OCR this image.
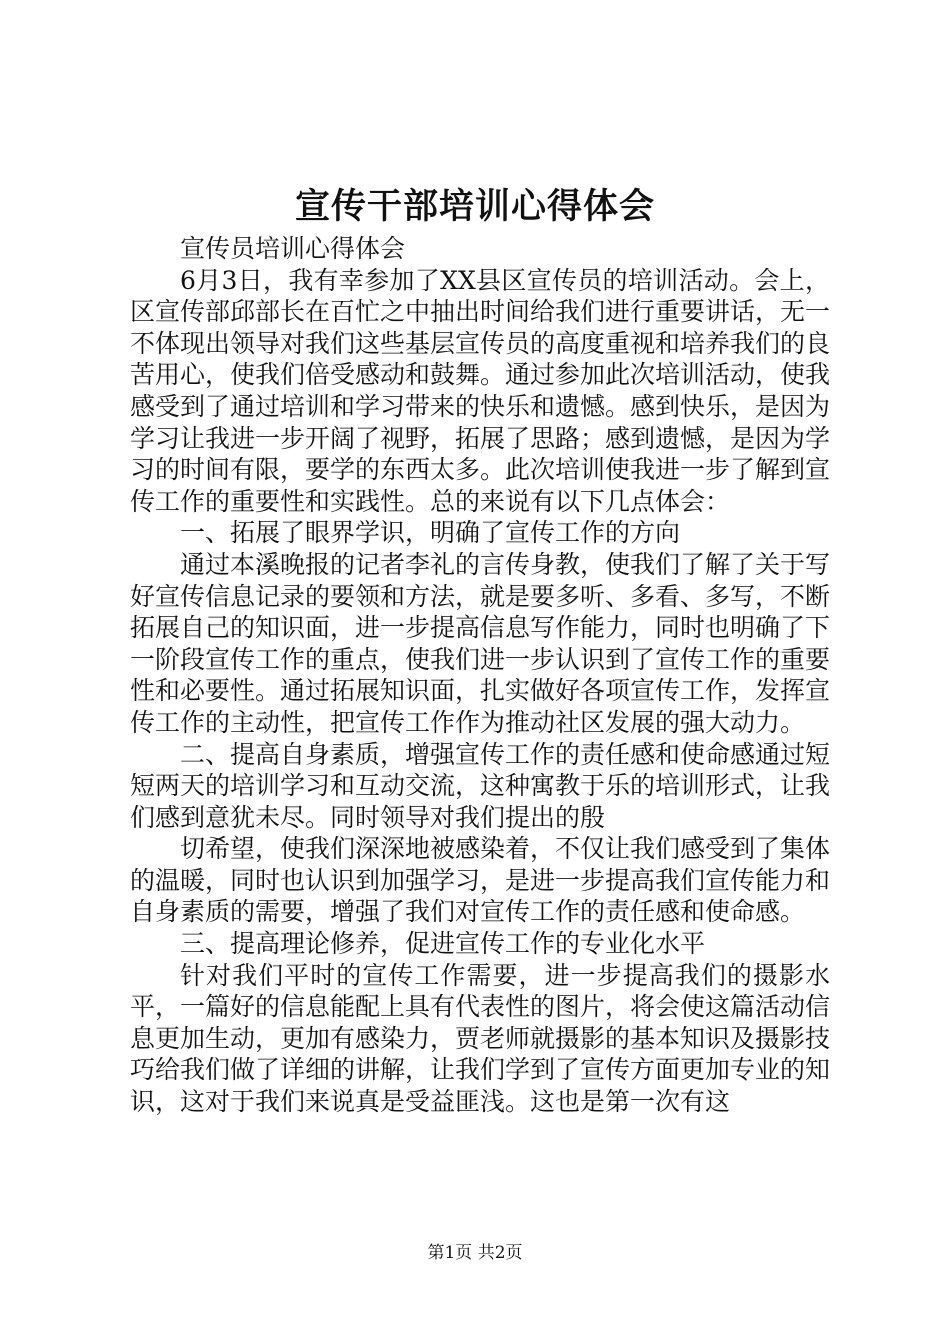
宣传干部培训心得体会

宣传员培训心得体会

6月3日，我有幸参加了XX县区宣传员的培训活动。会上，区宣传部邱部长在百忙之中抽出时间给我们进行重要讲话，无一不体现出领导对我们这些基层宣传员的高度重视和培养我们的良苦用心，使我们倍受感动和鼓舞。通过参加此次培训活动，使我感受到了通过培训和学习带来的快乐和遗憾。感到快乐，是因为学习让我进一步开阔了视野，拓展了思路；感到遗憾，是因为学习的时间有限，要学的东西太多。此次培训使我进一步了解到宣传工作的重要性和实践性。总的来说有以下几点体会：

一、拓展了眼界学识，明确了宣传工作的方向

通过本溪晚报的记者李礼的言传身教，使我们了解了关于写好宣传信息记录的要领和方法，就是要多听、多看、多写，不断拓展自己的知识面，进一步提高信息写作能力，同时也明确了下一阶段宣传工作的重点，使我们进一步认识到了宣传工作的重要性和必要性。通过拓展知识面，扎实做好各项宣传工作，发挥宣传工作的主动性，把宣传工作作为推动社区发展的强大动力。

二、提高自身素质，增强宣传工作的责任感和使命感通过短短两天的培训学习和互动交流，这种寓教于乐的培训形式，让我们感到意犹未尽。同时领导对我们提出的殷

切希望，使我们深深地被感染着，不仅让我们感受到了集体的温暖，同时也认识到加强学习，是进一步提高我们宣传能力和自身素质的需要，增强了我们对宣传工作的责任感和使命感。

三、提高理论修养，促进宣传工作的专业化水平

针对我们平时的宣传工作需要，进一步提高我们的摄影水平，一篇好的信息能配上具有代表性的图片，将会使这篇活动信息更加生动，更加有感染力，贾老师就摄影的基本知识及摄影技巧给我们做了详细的讲解，让我们学到了宣传方面更加专业的知识，这对于我们来说真是受益匪浅。这也是第一次有这

第1页 共2页
